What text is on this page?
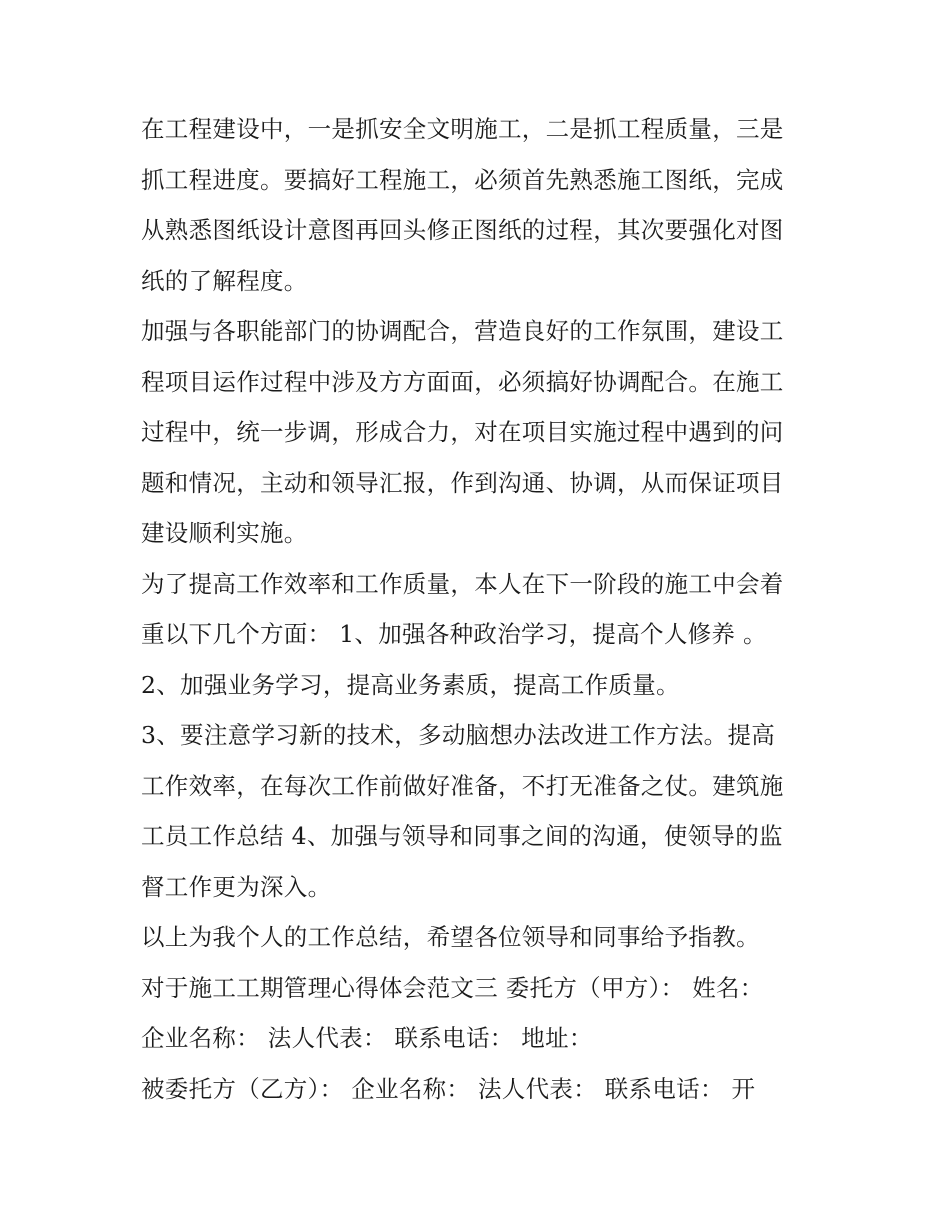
在工程建设中，一是抓安全文明施工，二是抓工程质量，三是
抓工程进度。要搞好工程施工，必须首先熟悉施工图纸，完成
从熟悉图纸设计意图再回头修正图纸的过程，其次要强化对图
纸的了解程度。

加强与各职能部门的协调配合，营造良好的工作氛围，建设工
程项目运作过程中涉及方方面面，必须搞好协调配合。在施工
过程中，统一步调，形成合力，对在项目实施过程中遇到的问
题和情况，主动和领导汇报，作到沟通、协调，从而保证项目
建设顺利实施。

为了提高工作效率和工作质量，本人在下一阶段的施工中会着
重以下几个方面： 1、加强各种政治学习，提高个人修养 。

2、加强业务学习，提高业务素质，提高工作质量。

3、要注意学习新的技术，多动脑想办法改进工作方法。提高
工作效率，在每次工作前做好准备，不打无准备之仗。建筑施
工员工作总结 4、加强与领导和同事之间的沟通，使领导的监
督工作更为深入。

以上为我个人的工作总结，希望各位领导和同事给予指教。

对于施工工期管理心得体会范文三 委托方（甲方）： 姓名：

企业名称： 法人代表： 联系电话： 地址：

被委托方（乙方）： 企业名称： 法人代表： 联系电话： 开
